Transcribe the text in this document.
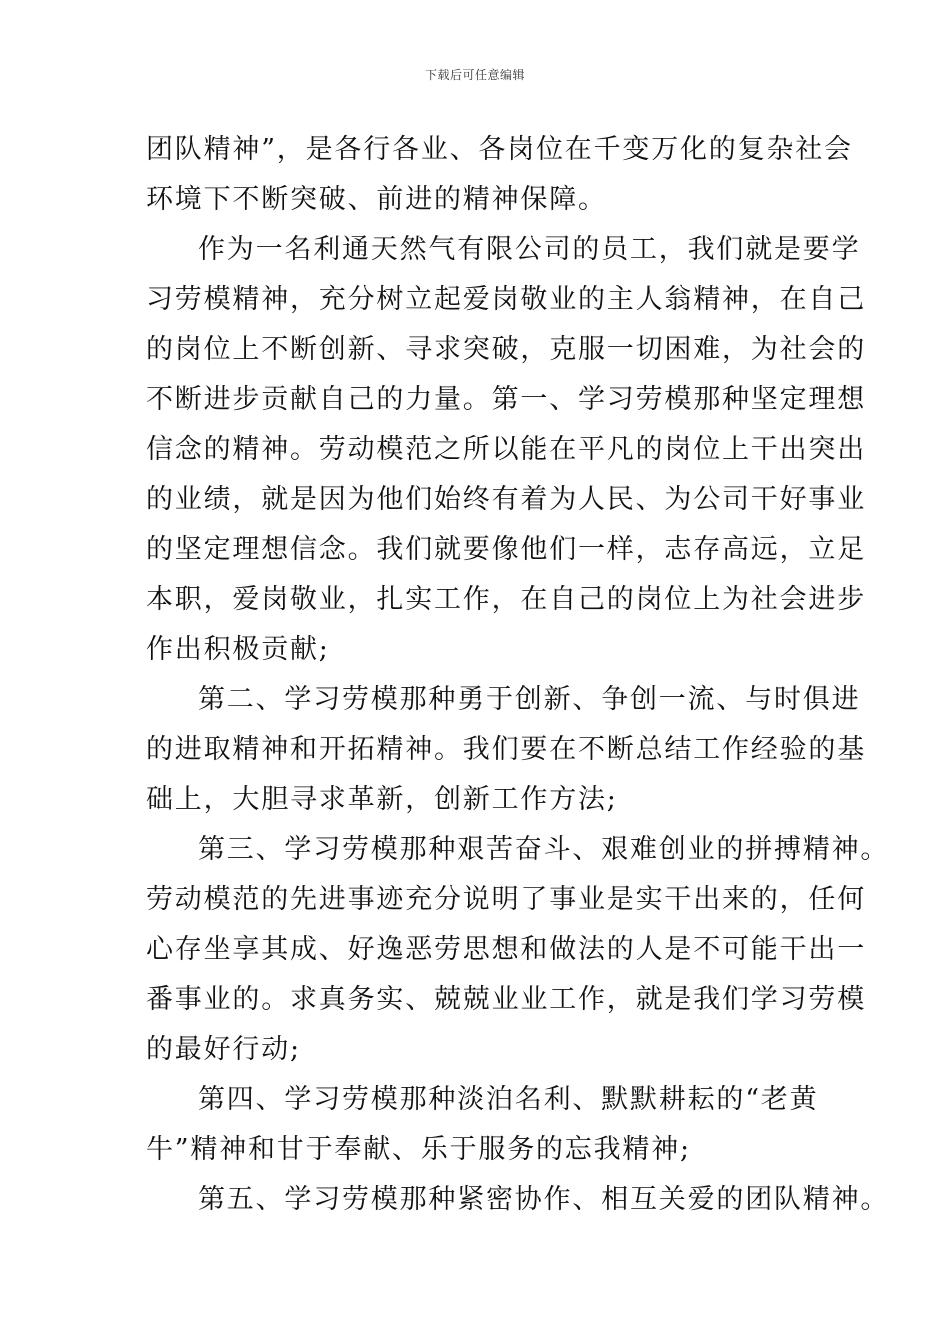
下载后可任意编辑
团队精神”，是各行各业、各岗位在千变万化的复杂社会
环境下不断突破、前进的精神保障。
作为一名利通天然气有限公司的员工，我们就是要学
习劳模精神，充分树立起爱岗敬业的主人翁精神，在自己
的岗位上不断创新、寻求突破，克服一切困难，为社会的
不断进步贡献自己的力量。第一、学习劳模那种坚定理想
信念的精神。劳动模范之所以能在平凡的岗位上干出突出
的业绩，就是因为他们始终有着为人民、为公司干好事业
的坚定理想信念。我们就要像他们一样，志存高远，立足
本职，爱岗敬业，扎实工作，在自己的岗位上为社会进步
作出积极贡献;
第二、学习劳模那种勇于创新、争创一流、与时俱进
的进取精神和开拓精神。我们要在不断总结工作经验的基
础上，大胆寻求革新，创新工作方法;
第三、学习劳模那种艰苦奋斗、艰难创业的拼搏精神。
劳动模范的先进事迹充分说明了事业是实干出来的，任何
心存坐享其成、好逸恶劳思想和做法的人是不可能干出一
番事业的。求真务实、兢兢业业工作，就是我们学习劳模
的最好行动;
第四、学习劳模那种淡泊名利、默默耕耘的“老黄
牛”精神和甘于奉献、乐于服务的忘我精神;
第五、学习劳模那种紧密协作、相互关爱的团队精神。
